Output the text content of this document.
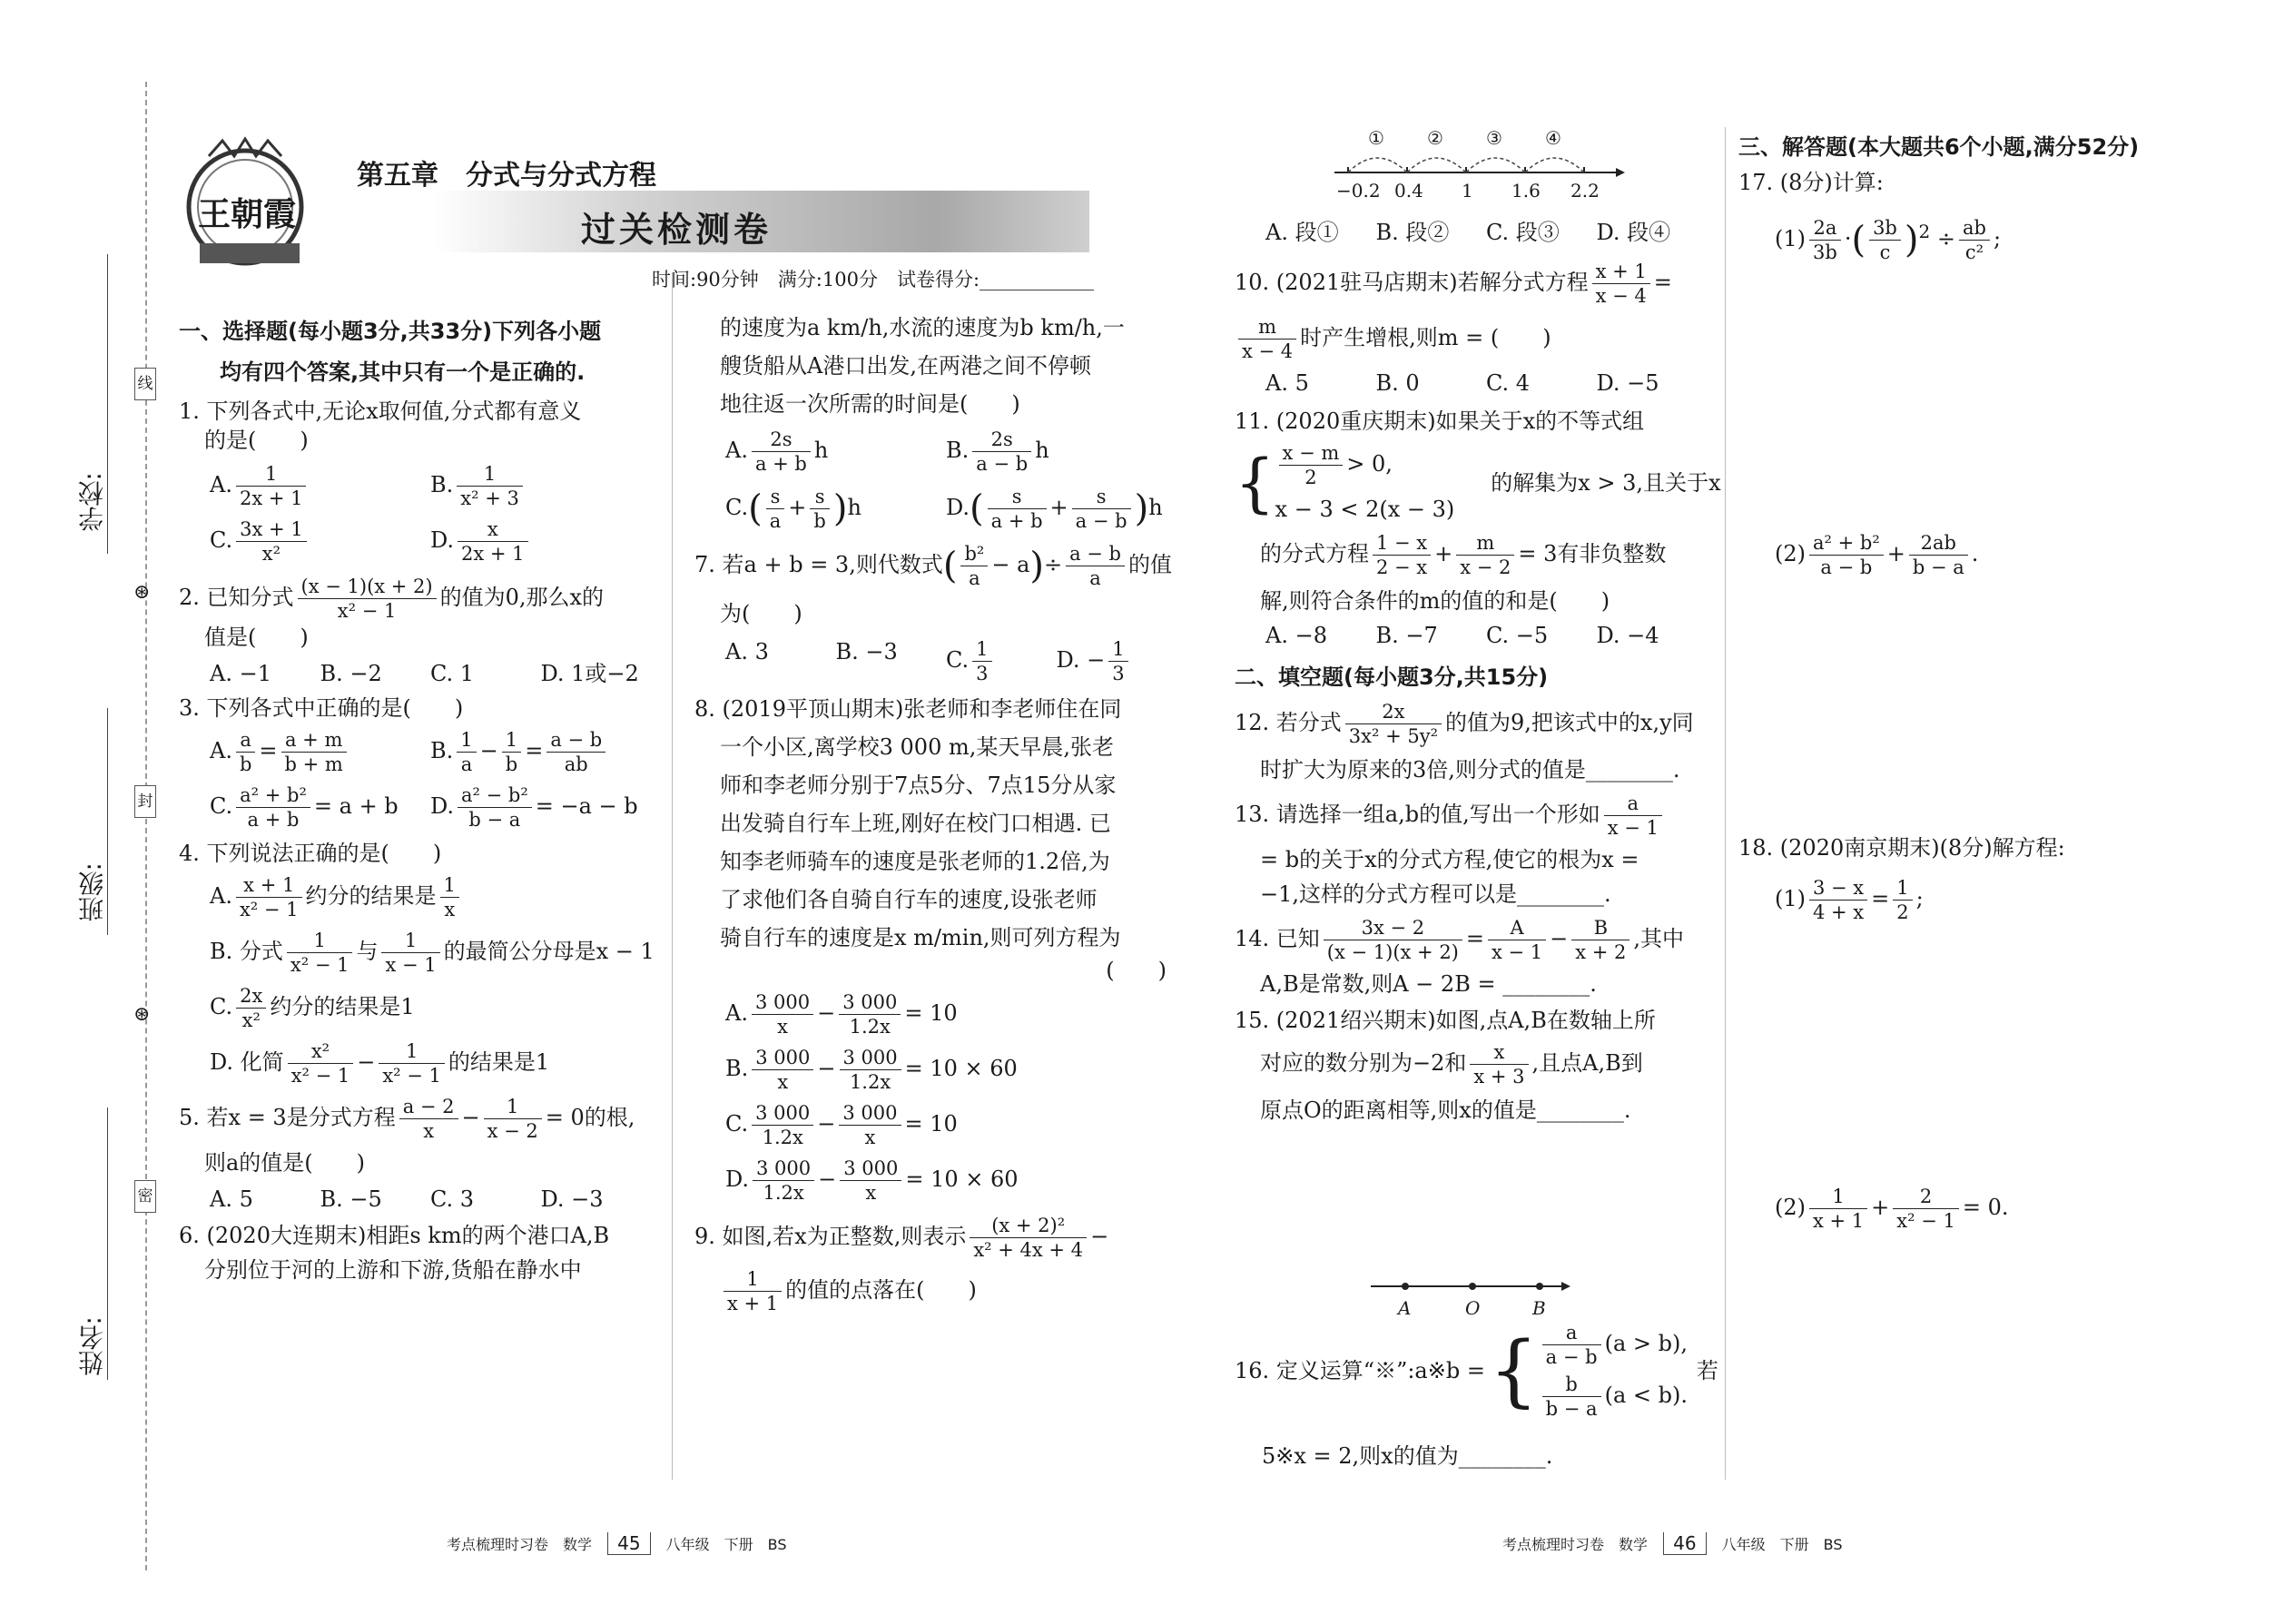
学校:
班级:
姓名:
线
封
密
⊛
⊛
王朝霞
第五章　分式与分式方程
过关检测卷
时间:90分钟　满分:100分　试卷得分:____________
一、选择题(每小题3分,共33分)下列各小题
均有四个答案,其中只有一个是正确的.
1. 下列各式中,无论x取何值,分式都有意义
的是(　　)
A. $\frac{1}{2x + 1}$	B. $\frac{1}{\text{x² + 3}}$
C. $\frac{3x + 1}{\text{x²}}$	D. $\frac{x}{2x + 1}$
2. 已知分式 $\frac{(x - 1)(x + 2)}{\text{x² − 1}}$ 的值为0,那么x的
值是(　　)
A. −1	B. −2	C. 1	D. 1或−2
3. 下列各式中正确的是(　　)
A. $\frac{a}{b} = \frac{a + m}{b + m}$	B. $\frac{1}{a} - \frac{1}{b} = \frac{a - b}{ab}$
C. $\frac{\text{a² + b²}}{a + b} = a + b$	D. $\frac{\text{a² − b²}}{b - a} = -a - b$
4. 下列说法正确的是(　　)
A. $\frac{x + 1}{\text{x² − 1}}$ 约分的结果是 $\frac{1}{x}$
B. 分式 $\frac{1}{\text{x² − 1}}$ 与 $\frac{1}{x - 1}$ 的最简公分母是x − 1
C. $\frac{2x}{\text{x²}}$ 约分的结果是1
D. 化简 $\frac{\text{x²}}{\text{x² − 1}} - \frac{1}{\text{x² − 1}}$ 的结果是1
5. 若x = 3是分式方程 $\frac{a - 2}{x} - \frac{1}{x - 2} = 0$的根,
则a的值是(　　)
A. 5	B. −5	C. 3	D. −3
6. (2020大连期末)相距s km的两个港口A,B
分别位于河的上游和下游,货船在静水中
的速度为a km/h,水流的速度为b km/h,一
艘货船从A港口出发,在两港之间不停顿
地往返一次所需的时间是(　　)
A. $\frac{2s}{a + b}$ h	B. $\frac{2s}{a - b}$ h
$C.( \frac{s}{a} + \frac{s}{b} )h$	$D.( \frac{s}{a + b} + \frac{s}{a - b} )h$
7. 若a + b = 3,则代数式( $\frac{\text{b²}}{a} - a)\div \frac{a - b}{a}$ 的值
为(　　)
A. 3	B. −3	C. $\frac{1}{3}$	D. − $\frac{1}{3}$
8. (2019平顶山期末)张老师和李老师住在同
一个小区,离学校3 000 m,某天早晨,张老
师和李老师分别于7点5分、7点15分从家
出发骑自行车上班,刚好在校门口相遇. 已
知李老师骑车的速度是张老师的1.2倍,为
了求他们各自骑自行车的速度,设张老师
骑自行车的速度是x m/min,则可列方程为
(　　)
A. $\frac{3 000}{x} - \frac{3 000}{1.2x} = 10$
B. $\frac{3 000}{x} - \frac{3 000}{1.2x} = 10 \times 60$
C. $\frac{3 000}{1.2x} - \frac{3 000}{x} = 10$
D. $\frac{3 000}{1.2x} - \frac{3 000}{x} = 10 \times 60$
9. 如图,若x为正整数,则表示 $\frac{\text{(x + 2)²}}{\text{x² + 4x + 4}}$ −
$\frac{1}{x + 1}$ 的值的点落在(　　)
① ② ③ ④
−0.2 0.4 1 1.6 2.2
A. 段①	B. 段②	C. 段③	D. 段④
10. (2021驻马店期末)若解分式方程 $\frac{x + 1}{x - 4}$ =
$\frac{m}{x - 4}$ 时产生增根,则m = (　　)
A. 5	B. 0	C. 4	D. −5
11. (2020重庆期末)如果关于x的不等式组
{ $\frac{x - m}{2} > 0$,
x − 3 < 2(x − 3)
的解集为x > 3,且关于x
的分式方程 $\frac{1 - x}{2 - x} + \frac{m}{x - 2} = 3$有非负整数
解,则符合条件的m的值的和是(　　)
A. −8	B. −7	C. −5	D. −4
二、填空题(每小题3分,共15分)
12. 若分式 $\frac{2x}{\text{3x² + 5y²}}$ 的值为9,把该式中的x,y同
时扩大为原来的3倍,则分式的值是________.
13. 请选择一组a,b的值,写出一个形如 $\frac{a}{x - 1}$
= b的关于x的分式方程,使它的根为x =
−1,这样的分式方程可以是________.
14. 已知 $\frac{3x - 2}{(x - 1)(x + 2)} = \frac{A}{x - 1} - \frac{B}{x + 2}$ ,其中
A,B是常数,则A − 2B = ________.
15. (2021绍兴期末)如图,点A,B在数轴上所
对应的数分别为−2和 $\frac{x}{x + 3}$ ,且点A,B到
原点O的距离相等,则x的值是________.
A	O	B
16. 定义运算“※”:a※b = { $\frac{a}{a - b} (a > b)$,
$\frac{b}{b - a} (a < b)$.
若
5※x = 2,则x的值为________.
三、解答题(本大题共6个小题,满分52分)
17. (8分)计算:
$(1) \frac{2a}{3b}$ ·( $\frac{3b}{c} )^2 \div \frac{ab}{\text{c²}}$ ;
$(2) \frac{\text{a² + b²}}{a - b} + \frac{2ab}{b - a}$ .
18. (2020南京期末)(8分)解方程:
$(1) \frac{3 - x}{4 + x} = \frac{1}{2}$ ;
$(2) \frac{1}{x + 1} + \frac{2}{\text{x² − 1}} = 0$.
考点梳理时习卷　数学 45 八年级　下册　BS	考点梳理时习卷　数学 46 八年级　下册　BS
